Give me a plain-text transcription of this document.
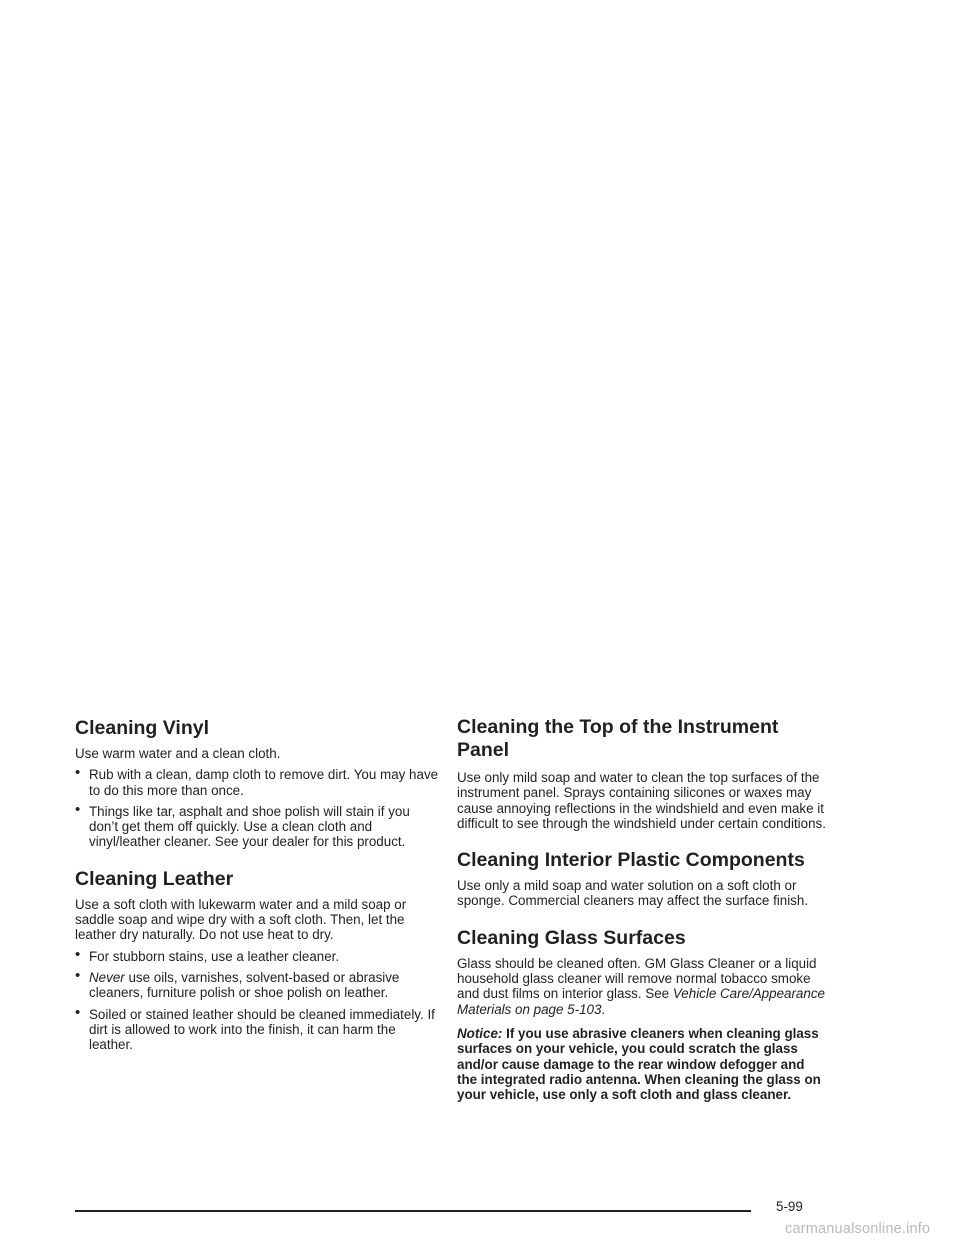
Cleaning Vinyl

Use warm water and a clean cloth.

• Rub with a clean, damp cloth to remove dirt. You may have to do this more than once.
• Things like tar, asphalt and shoe polish will stain if you don’t get them off quickly. Use a clean cloth and vinyl/leather cleaner. See your dealer for this product.
Cleaning Leather

Use a soft cloth with lukewarm water and a mild soap or saddle soap and wipe dry with a soft cloth. Then, let the leather dry naturally. Do not use heat to dry.

• For stubborn stains, use a leather cleaner.
• Never use oils, varnishes, solvent-based or abrasive cleaners, furniture polish or shoe polish on leather.
• Soiled or stained leather should be cleaned immediately. If dirt is allowed to work into the finish, it can harm the leather.
Cleaning the Top of the Instrument Panel

Use only mild soap and water to clean the top surfaces of the instrument panel. Sprays containing silicones or waxes may cause annoying reflections in the windshield and even make it difficult to see through the windshield under certain conditions.

Cleaning Interior Plastic Components

Use only a mild soap and water solution on a soft cloth or sponge. Commercial cleaners may affect the surface finish.

Cleaning Glass Surfaces

Glass should be cleaned often. GM Glass Cleaner or a liquid household glass cleaner will remove normal tobacco smoke and dust films on interior glass. See Vehicle Care/Appearance Materials on page 5-103.

Notice: If you use abrasive cleaners when cleaning glass surfaces on your vehicle, you could scratch the glass and/or cause damage to the rear window defogger and the integrated radio antenna. When cleaning the glass on your vehicle, use only a soft cloth and glass cleaner.

5-99
carmanualsonline.info
